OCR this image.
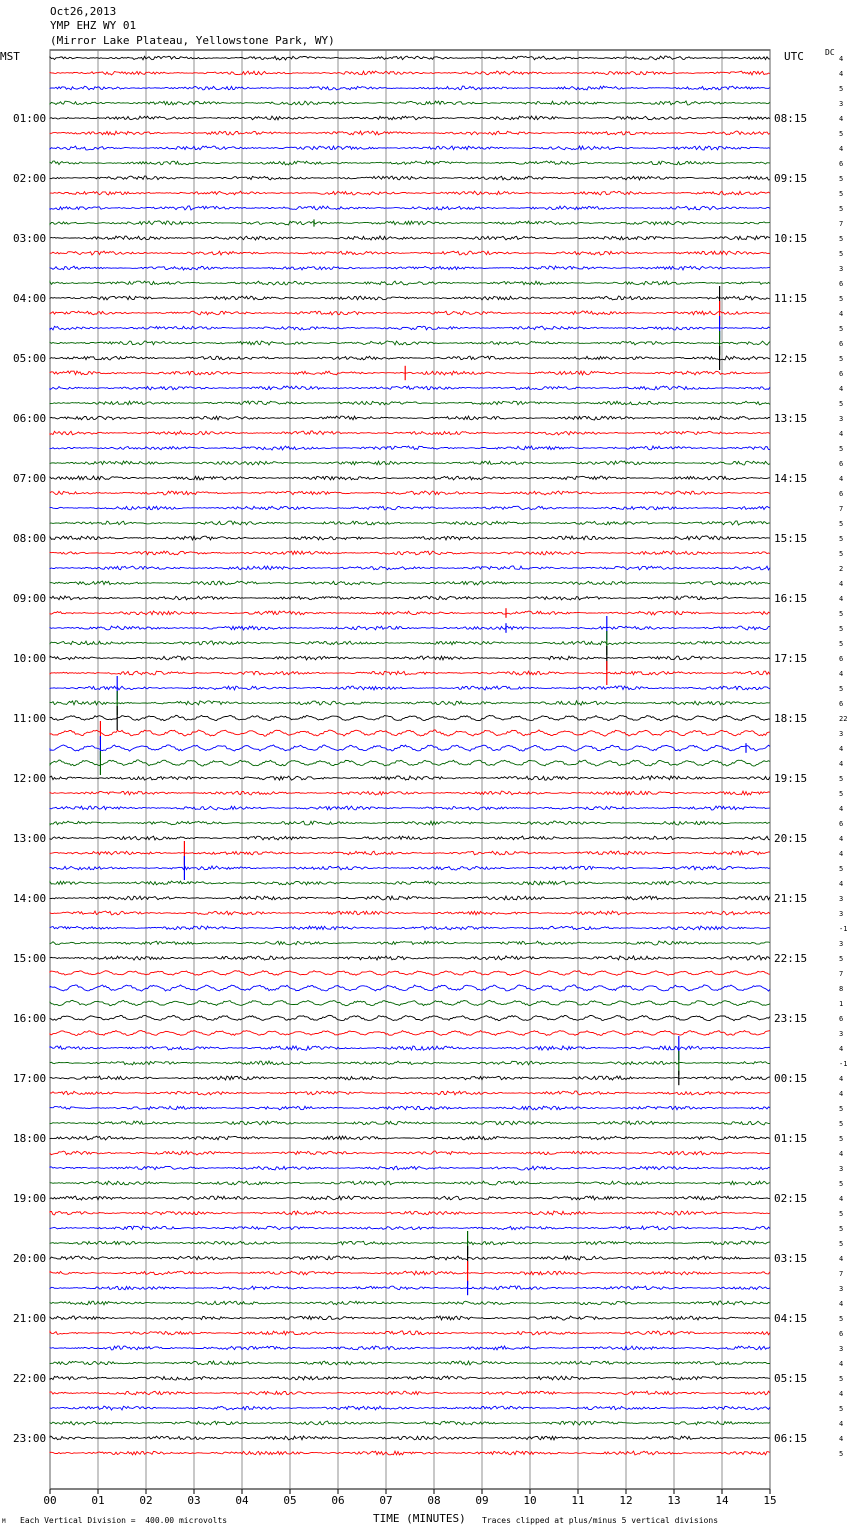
Oct26,2013
YMP EHZ WY 01
(Mirror Lake Plateau, Yellowstone Park, WY)
MST	UTC	DC
00	01	02	03	04	05	06	07	08	09	10	11	12	13	14	15
4
4
5
3
4
5
4
6
5
5
5
7
5
5
3
6
5
4
5
6
5
6
4
5
3
4
5
6
4
6
7
5
5
5
2
4
4
5
5
5
6
4
5
6
22
3
4
4
5
5
4
6
4
4
5
4
3
3
-1
3
5
7
8
1
6
3
4
-1
4
4
5
5
5
4
3
5
4
5
5
5
4
7
3
4
5
6
3
4
5
4
5
4
4
5
01:00
02:00
03:00
04:00
05:00
06:00
07:00
08:00
09:00
10:00
11:00
12:00
13:00
14:00
15:00
16:00
17:00
18:00
19:00
20:00
21:00
22:00
23:00
08:15
09:15
10:15
11:15
12:15
13:15
14:15
15:15
16:15
17:15
18:15
19:15
20:15
21:15
22:15
23:15
00:15
01:15
02:15
03:15
04:15
05:15
06:15
TIME (MINUTES)
Each Vertical Division =  400.00 microvolts	Traces clipped at plus/minus 5 vertical divisions
M
